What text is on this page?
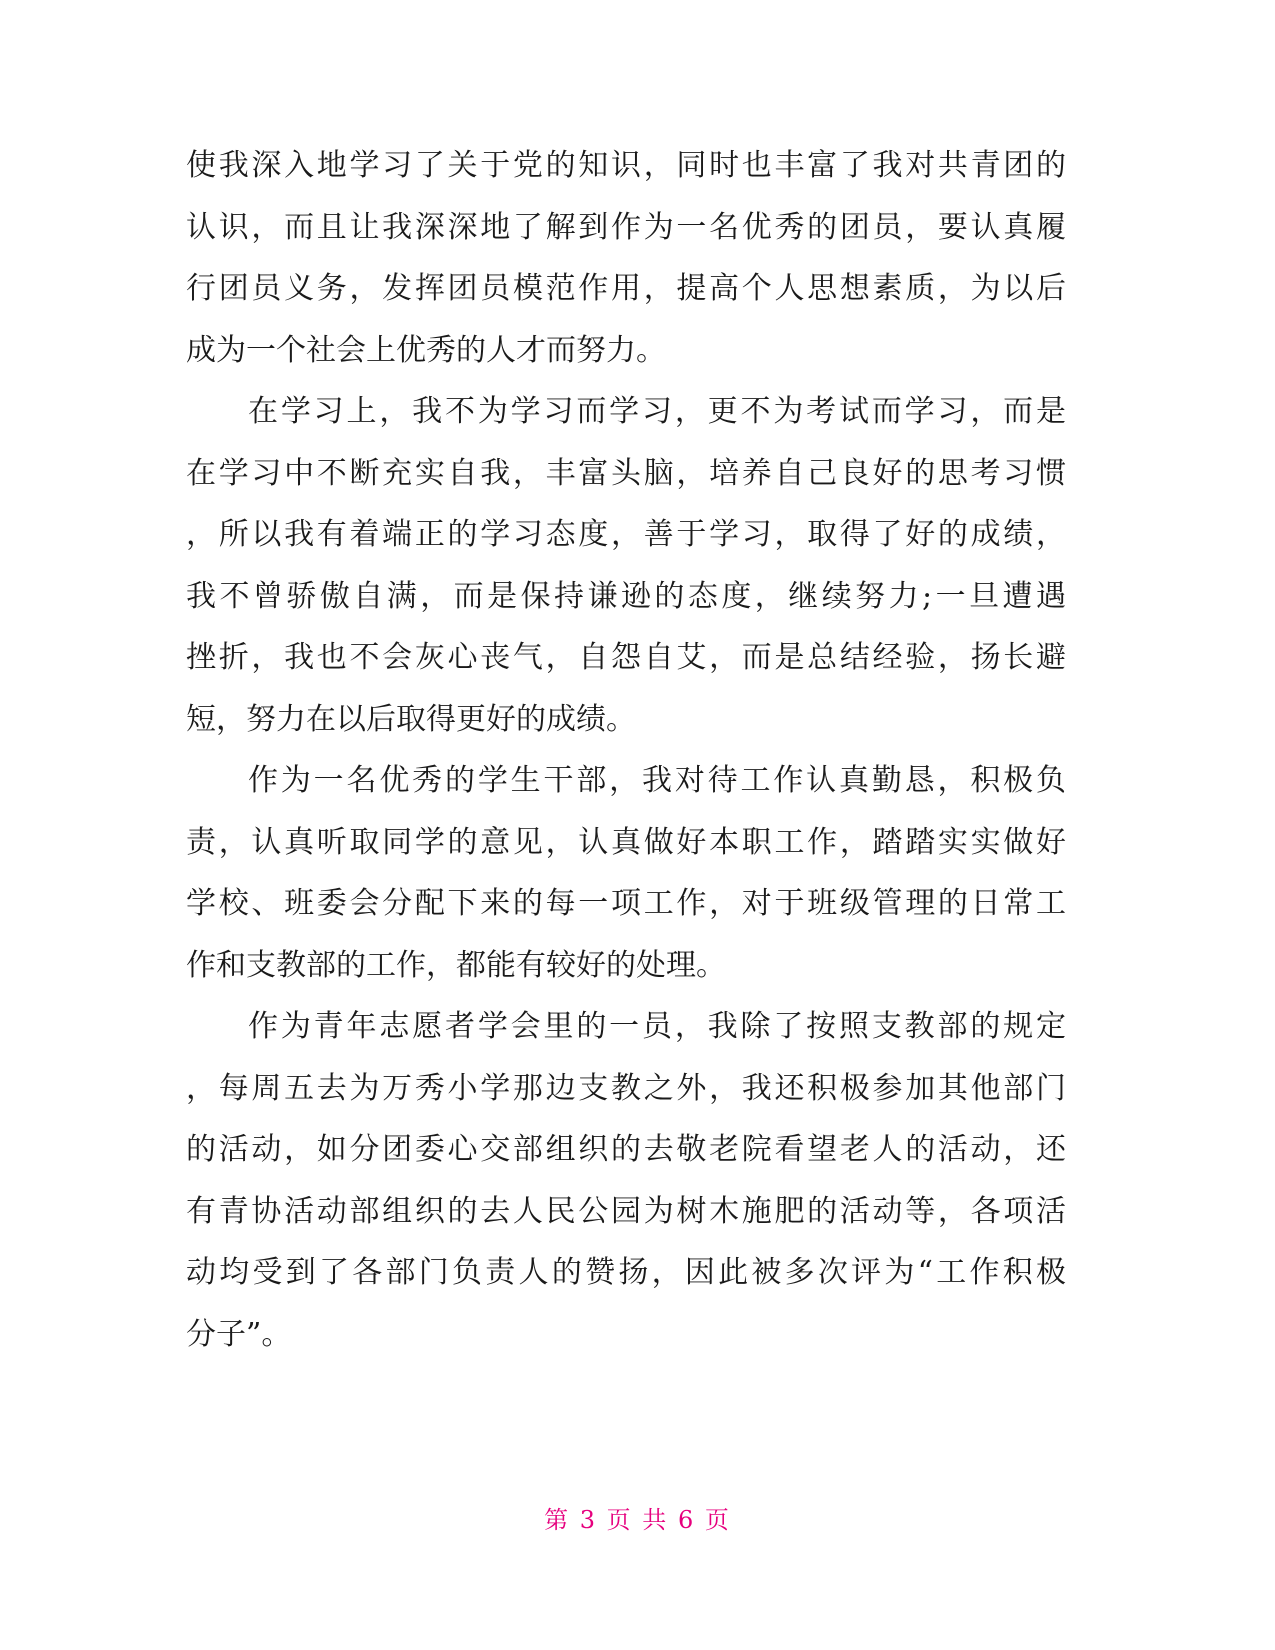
使我深入地学习了关于党的知识，同时也丰富了我对共青团的
认识，而且让我深深地了解到作为一名优秀的团员，要认真履
行团员义务，发挥团员模范作用，提高个人思想素质，为以后
成为一个社会上优秀的人才而努力。
在学习上，我不为学习而学习，更不为考试而学习，而是
在学习中不断充实自我，丰富头脑，培养自己良好的思考习惯
，所以我有着端正的学习态度，善于学习，取得了好的成绩，
我不曾骄傲自满，而是保持谦逊的态度，继续努力;一旦遭遇
挫折，我也不会灰心丧气，自怨自艾，而是总结经验，扬长避
短，努力在以后取得更好的成绩。
作为一名优秀的学生干部，我对待工作认真勤恳，积极负
责，认真听取同学的意见，认真做好本职工作，踏踏实实做好
学校、班委会分配下来的每一项工作，对于班级管理的日常工
作和支教部的工作，都能有较好的处理。
作为青年志愿者学会里的一员，我除了按照支教部的规定
，每周五去为万秀小学那边支教之外，我还积极参加其他部门
的活动，如分团委心交部组织的去敬老院看望老人的活动，还
有青协活动部组织的去人民公园为树木施肥的活动等，各项活
动均受到了各部门负责人的赞扬，因此被多次评为“工作积极
分子”。
第 3 页 共 6 页
